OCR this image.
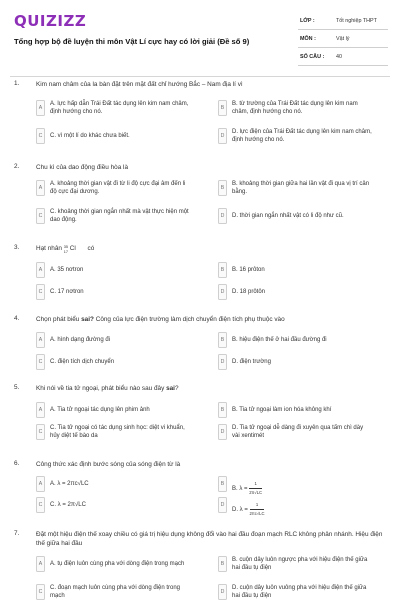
QUIZIZZ
Tổng hợp bộ đề luyện thi môn Vật Lí cực hay có lời giải (Đề số 9)
LỚP :	Tốt nghiệp THPT
MÔN :	Vật lý
SỐ CÂU : 40
1.	Kim nam châm của la bàn đặt trên mặt đất chỉ hướng Bắc – Nam địa lí vì
A
A. lực hấp dẫn Trái Đất tác dụng lên kim nam châm, định hướng cho nó.
B
B. từ trường của Trái Đất tác dụng lên kim nam châm, định hướng cho nó.
C	C. vì một lí do khác chưa biết.	D
D. lực điện của Trái Đất tác dụng lên kim nam châm, định hướng cho nó.
2.	Chu kì của dao động điều hòa là
A
A. khoảng thời gian vật đi từ li độ cực đại âm đến li độ cực đại dương.
B
B. khoảng thời gian giữa hai lần vật đi qua vị trí cân bằng.
C
C. khoảng thời gian ngắn nhất mà vật thực hiện một dao động.
D	D. thời gian ngắn nhất vật có li độ như cũ.
3.	Hạt nhân 35
17 Cl có
A	A. 35 nơtron	B	B. 16 prôton
C	C. 17 nơtron	D	D. 18 prôtôn
4.	Chọn phát biểu sai? Công của lực điện trường làm dịch chuyển điện tích phụ thuộc vào
A	A. hình dạng đường đi	B	B. hiệu điện thế ở hai đầu đường đi
C	C. điện tích dịch chuyển	D	D. điện trường
5.	Khi nói về tia tử ngoại, phát biểu nào sau đây sai?
A	A. Tia tử ngoại tác dụng lên phim ảnh	B	B. Tia tử ngoại làm ion hóa không khí
C
C. Tia tử ngoại có tác dụng sinh học: diệt vi khuẩn, hủy diệt tế bào da
D
D. Tia tử ngoại dễ dàng đi xuyên qua tấm chì dày vài xentimét
6.	Công thức xác định bước sóng của sóng điện từ là
A	A. λ = 2πc√LC	B
B. $\lambda = \frac{1}{2\pi√LC}$
C	C. λ = 2π√LC	D
D. $\lambda = \frac{1}{2\pi c√LC}$
7.	Đặt một hiệu điện thế xoay chiều có giá trị hiệu dụng không đổi vào hai đầu đoạn mạch RLC không phân nhánh. Hiệu điện thế giữa hai đầu
A	A. tụ điện luôn cùng pha với dòng điện trong mạch	B
B. cuộn dây luôn ngược pha với hiệu điện thế giữa hai đầu tụ điện
C
C. đoạn mạch luôn cùng pha với dòng điện trong mạch
D
D. cuộn dây luôn vuông pha với hiệu điện thế giữa hai đầu tụ điện
